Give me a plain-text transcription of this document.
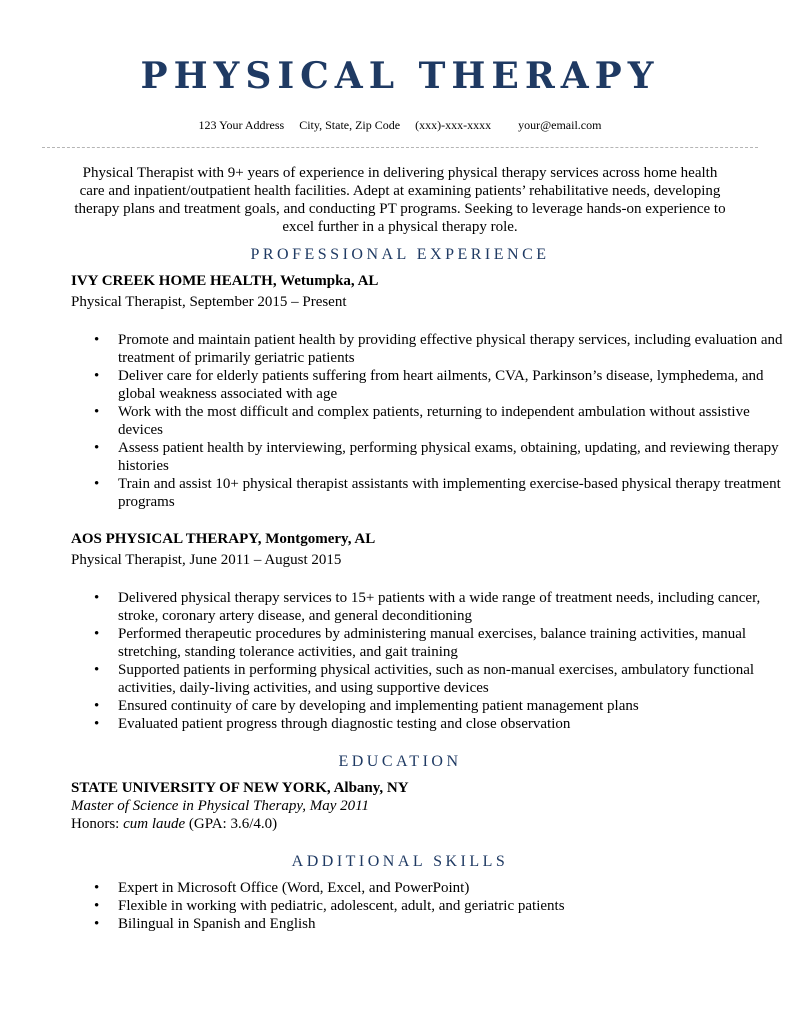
PHYSICAL THERAPY
123 Your Address City, State, Zip Code (xxx)-xxx-xxxx your@email.com
Physical Therapist with 9+ years of experience in delivering physical therapy services across home health care and inpatient/outpatient health facilities. Adept at examining patients’ rehabilitative needs, developing therapy plans and treatment goals, and conducting PT programs. Seeking to leverage hands-on experience to excel further in a physical therapy role.
PROFESSIONAL EXPERIENCE
IVY CREEK HOME HEALTH, Wetumpka, AL
Physical Therapist, September 2015 – Present
• Promote and maintain patient health by providing effective physical therapy services, including evaluation and treatment of primarily geriatric patients
• Deliver care for elderly patients suffering from heart ailments, CVA, Parkinson’s disease, lymphedema, and global weakness associated with age
• Work with the most difficult and complex patients, returning to independent ambulation without assistive devices
• Assess patient health by interviewing, performing physical exams, obtaining, updating, and reviewing therapy histories
• Train and assist 10+ physical therapist assistants with implementing exercise-based physical therapy treatment programs
AOS PHYSICAL THERAPY, Montgomery, AL
Physical Therapist, June 2011 – August 2015
• Delivered physical therapy services to 15+ patients with a wide range of treatment needs, including cancer, stroke, coronary artery disease, and general deconditioning
• Performed therapeutic procedures by administering manual exercises, balance training activities, manual stretching, standing tolerance activities, and gait training
• Supported patients in performing physical activities, such as non-manual exercises, ambulatory functional activities, daily-living activities, and using supportive devices
• Ensured continuity of care by developing and implementing patient management plans
• Evaluated patient progress through diagnostic testing and close observation
EDUCATION
STATE UNIVERSITY OF NEW YORK, Albany, NY
Master of Science in Physical Therapy, May 2011
Honors: cum laude (GPA: 3.6/4.0)
ADDITIONAL SKILLS
• Expert in Microsoft Office (Word, Excel, and PowerPoint)
• Flexible in working with pediatric, adolescent, adult, and geriatric patients
• Bilingual in Spanish and English
